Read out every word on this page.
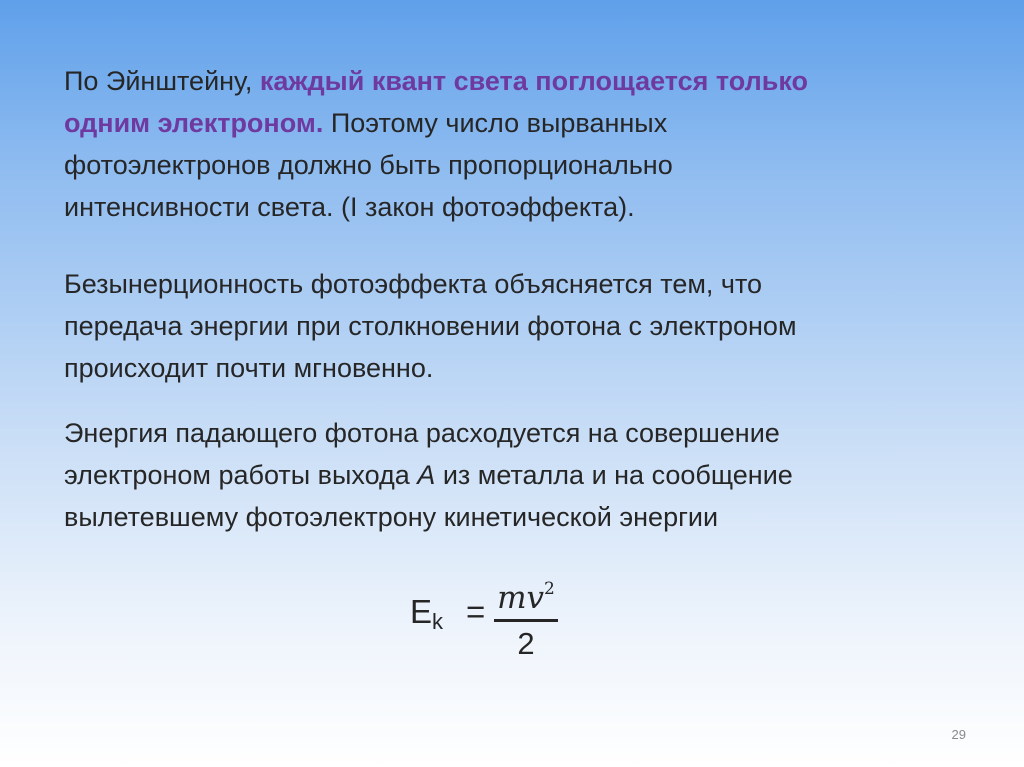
По Эйнштейну, каждый квант света поглощается только
одним электроном. Поэтому число вырванных
фотоэлектронов должно быть пропорционально
интенсивности света. (I закон фотоэффекта).

Безынерционность фотоэффекта объясняется тем, что
передача энергии при столкновении фотона с электроном
происходит почти мгновенно.

Энергия падающего фотона расходуется на совершение
электроном работы выхода A из металла и на сообщение
вылетевшему фотоэлектрону кинетической энергии

$E_k = mv^2$
2
29
